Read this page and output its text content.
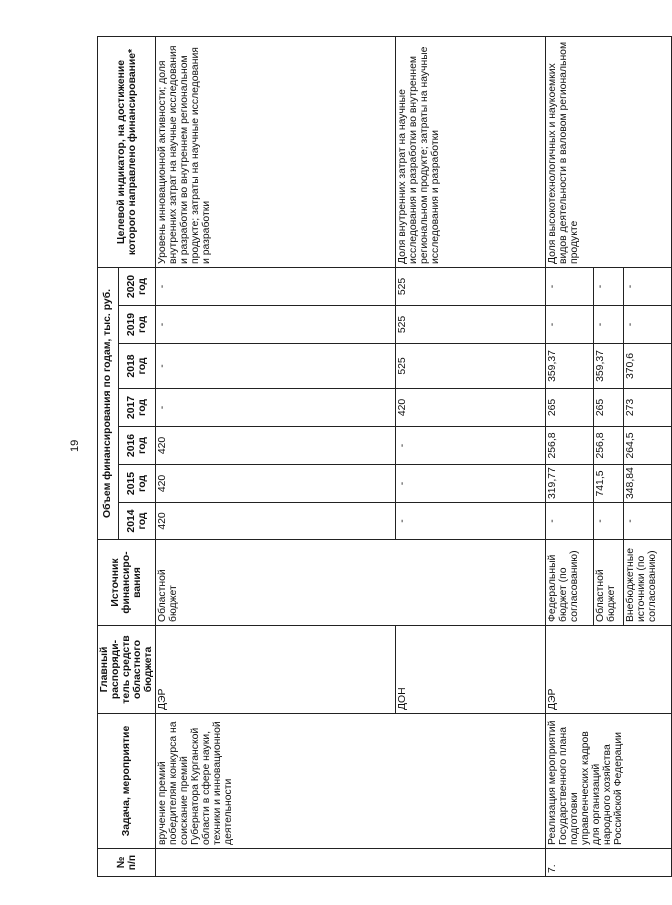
19
№ п/п	Задача, мероприятие	Главный распоряди-тель средств областного бюджета	Источник финансиро-вания	Объем финансирования по годам, тыс. руб.							Целевой индикатор, на достижение которого направлено финансирование*
				2014 год	2015 год	2016 год	2017 год	2018 год	2019 год	2020 год	
	вручение премий победителям конкурса на соискание премий Губернатора Курганской области в сфере науки, техники и инновационной деятельности	ДЭР	Областной бюджет	420	420	420	-	-	-	-	Уровень инновационной активности; доля внутренних затрат на научные исследования и разработки во внутреннем региональном продукте; затраты на научные исследования и разработки
		ДОН		-	-	-	420	525	525	525	Доля внутренних затрат на научные исследования и разработки во внутреннем региональном продукте; затраты на научные исследования и разработки
7.	Реализация мероприятий Государственного плана подготовки управленческих кадров для организаций народного хозяйства Российской Федерации	ДЭР	Федеральный бюджет (по согласованию)	-	319,77	256,8	265	359,37	-	-	Доля высокотехнологичных и наукоемких видов деятельности в валовом региональном продукте
			Областной бюджет	-	741,5	256,8	265	359,37	-	-	
			Внебюджетные источники (по согласованию)	-	348,84	264,5	273	370,6	-	-	
